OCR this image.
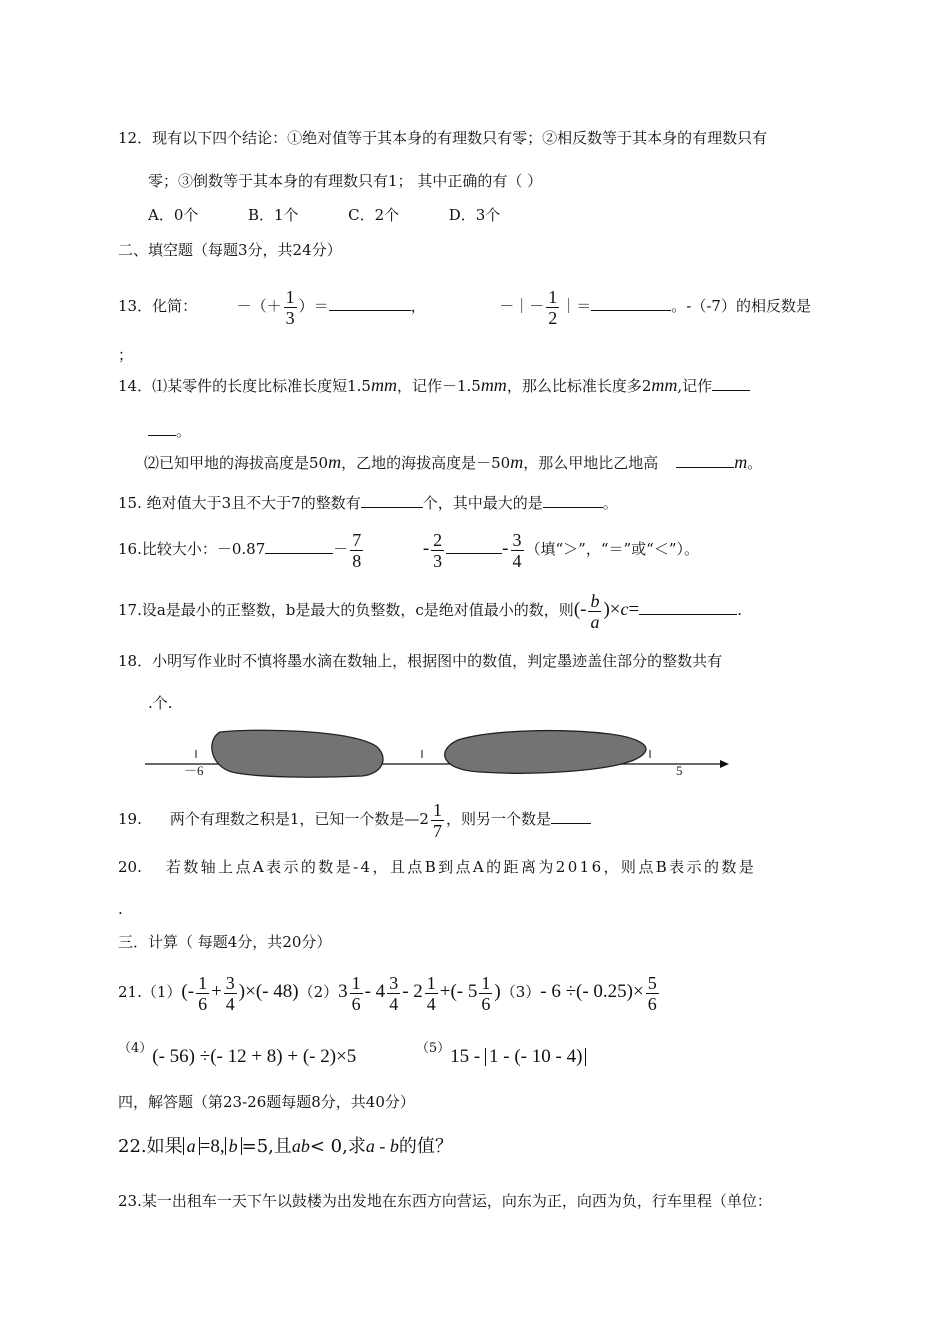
12．现有以下四个结论：①绝对值等于其本身的有理数只有零；②相反数等于其本身的有理数只有
零；③倒数等于其本身的有理数只有1； 其中正确的有（ ）
A．0个	B．1个	C．2个	D．3个
二、填空题（每题3分，共24分）
13．化简：	－（＋ $\frac{1}{3}$ ）＝	，	－｜－ $\frac{1}{2}$ ｜＝	。-（-7）的相反数是
；
14．⑴某零件的长度比标准长度短1.5mm，记作－1.5mm，那么比标准长度多2mm,记作
。
⑵已知甲地的海拔高度是50m，乙地的海拔高度是－50m，那么甲地比乙地高	m。
15. 绝对值大于3且不大于7的整数有	个，其中最大的是	。
16.比较大小：－0.87	－ $\frac{7}{8}$	- $\frac{2}{3}$	- $\frac{3}{4}$ （填“＞”，“＝”或“＜”）。
17.设a是最小的正整数，b是最大的负整数，c是绝对值最小的数，则(- $\frac{b}{a} )\times c=$	.
18．小明写作业时不慎将墨水滴在数轴上，根据图中的数值，判定墨迹盖住部分的整数共有
.个.
－6	5
19. 两个有理数之积是1，已知一个数是—2 $\frac{1}{7}$ ，则另一个数是
20. 若数轴上点A表示的数是-4，且点B到点A的距离为2016，则点B表示的数是
.
三．计算（ 每题4分，共20分）
$21.(1)(- \frac{1}{6} + \frac{3}{4}$ )×(- $48)(2)3 \frac{1}{6} - 4 \frac{3}{4} - 2 \frac{1}{4}$ +(- $5 \frac{1}{6} )(3)-$ 6 ÷(- $0.25)\times \frac{5}{6}$
（4）(- 56) ÷(- 12 + 8) + (- 2)×5	（5）15 - 1 - (- 10 - 4)
四，解答题（第23-26题每题8分，共40分）
22.如果 a =8, b =5,且ab< 0,求a - b的值？
23.某一出租车一天下午以鼓楼为出发地在东西方向营运，向东为正，向西为负，行车里程（单位：
